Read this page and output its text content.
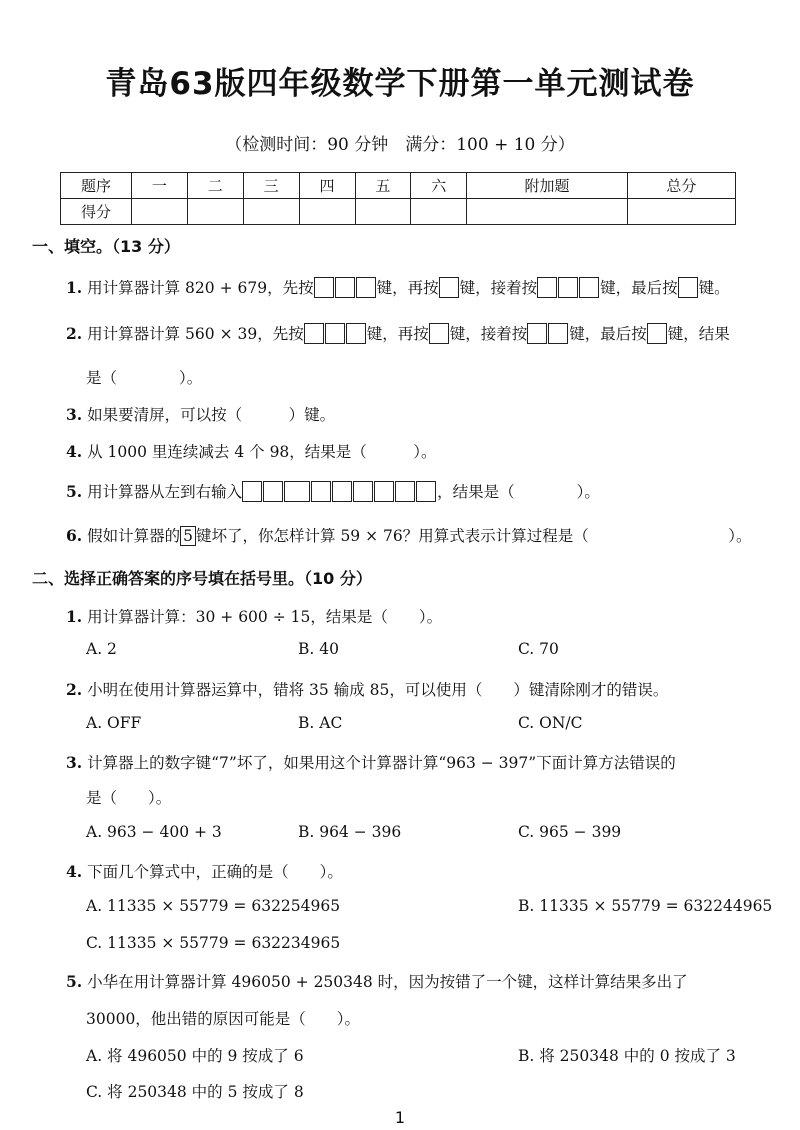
青岛63版四年级数学下册第一单元测试卷
（检测时间：90 分钟　满分：100 + 10 分）
题序	一	二	三	四	五	六	附加题	总分
得分								
一、填空。（13 分）
1. 用计算器计算 820 + 679，先按	键，再按 键，接着按	键，最后按 键。
2. 用计算器计算 560 × 39，先按	键，再按 键，接着按	键，最后按 键，结果
是（　　　　）。
3. 如果要清屏，可以按（　　　）键。
4. 从 1000 里连续减去 4 个 98，结果是（　　　）。
5. 用计算器从左到右输入	，结果是（　　　　）。
6. 假如计算器的 5 键坏了，你怎样计算 59 × 76？用算式表示计算过程是（　　　　　　　　　）。
二、选择正确答案的序号填在括号里。（10 分）
1. 用计算器计算：30 + 600 ÷ 15，结果是（　　）。
A. 2	B. 40	C. 70
2. 小明在使用计算器运算中，错将 35 输成 85，可以使用（　　）键清除刚才的错误。
A. OFF	B. AC	C. ON/C
3. 计算器上的数字键“7”坏了，如果用这个计算器计算“963 − 397”下面计算方法错误的
是（　　）。
A. 963 − 400 + 3	B. 964 − 396	C. 965 − 399
4. 下面几个算式中，正确的是（　　）。
A. 11335 × 55779 = 632254965	B. 11335 × 55779 = 632244965
C. 11335 × 55779 = 632234965
5. 小华在用计算器计算 496050 + 250348 时，因为按错了一个键，这样计算结果多出了
30000，他出错的原因可能是（　　）。
A. 将 496050 中的 9 按成了 6	B. 将 250348 中的 0 按成了 3
C. 将 250348 中的 5 按成了 8
1
